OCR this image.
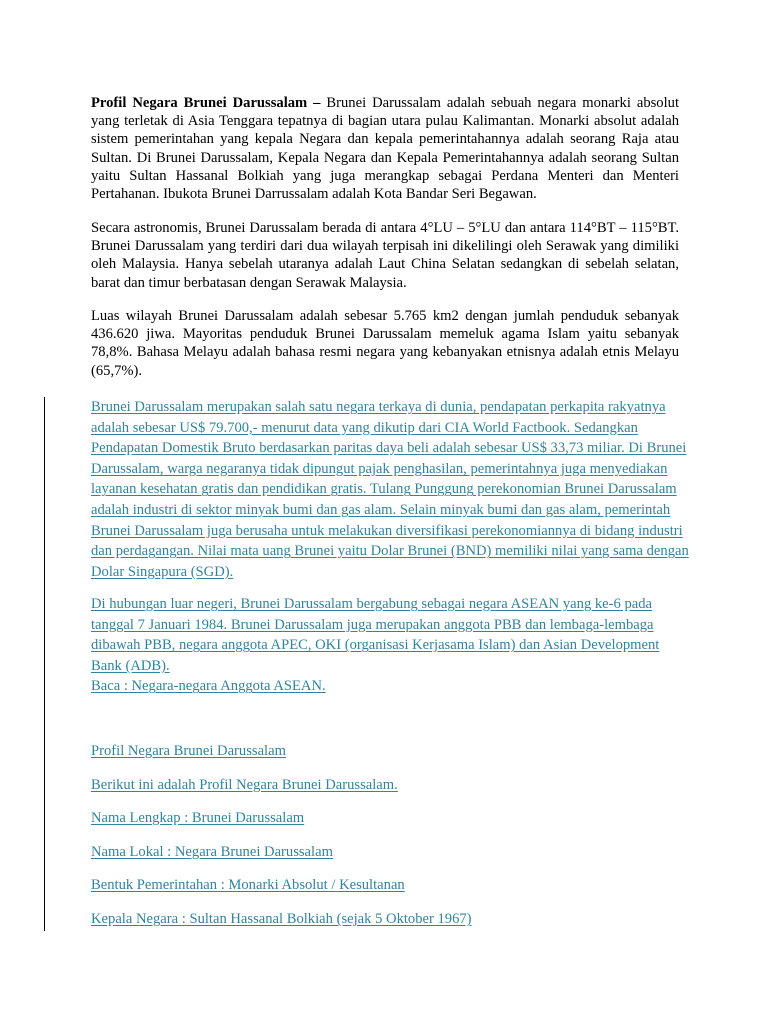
Profil Negara Brunei Darussalam – Brunei Darussalam adalah sebuah negara monarki absolut yang terletak di Asia Tenggara tepatnya di bagian utara pulau Kalimantan. Monarki absolut adalah sistem pemerintahan yang kepala Negara dan kepala pemerintahannya adalah seorang Raja atau Sultan. Di Brunei Darussalam, Kepala Negara dan Kepala Pemerintahannya adalah seorang Sultan yaitu Sultan Hassanal Bolkiah yang juga merangkap sebagai Perdana Menteri dan Menteri Pertahanan. Ibukota Brunei Darrussalam adalah Kota Bandar Seri Begawan.

Secara astronomis, Brunei Darussalam berada di antara 4°LU – 5°LU dan antara 114°BT – 115°BT. Brunei Darussalam yang terdiri dari dua wilayah terpisah ini dikelilingi oleh Serawak yang dimiliki oleh Malaysia. Hanya sebelah utaranya adalah Laut China Selatan sedangkan di sebelah selatan, barat dan timur berbatasan dengan Serawak Malaysia.

Luas wilayah Brunei Darussalam adalah sebesar 5.765 km2 dengan jumlah penduduk sebanyak 436.620 jiwa. Mayoritas penduduk Brunei Darussalam memeluk agama Islam yaitu sebanyak 78,8%. Bahasa Melayu adalah bahasa resmi negara yang kebanyakan etnisnya adalah etnis Melayu (65,7%).

Brunei Darussalam merupakan salah satu negara terkaya di dunia, pendapatan perkapita rakyatnya adalah sebesar US$ 79.700,- menurut data yang dikutip dari CIA World Factbook. Sedangkan Pendapatan Domestik Bruto berdasarkan paritas daya beli adalah sebesar US$ 33,73 miliar. Di Brunei Darussalam, warga negaranya tidak dipungut pajak penghasilan, pemerintahnya juga menyediakan layanan kesehatan gratis dan pendidikan gratis. Tulang Punggung perekonomian Brunei Darussalam adalah industri di sektor minyak bumi dan gas alam. Selain minyak bumi dan gas alam, pemerintah Brunei Darussalam juga berusaha untuk melakukan diversifikasi perekonomiannya di bidang industri dan perdagangan. Nilai mata uang Brunei yaitu Dolar Brunei (BND) memiliki nilai yang sama dengan Dolar Singapura (SGD).

Di hubungan luar negeri, Brunei Darussalam bergabung sebagai negara ASEAN yang ke-6 pada tanggal 7 Januari 1984. Brunei Darussalam juga merupakan anggota PBB dan lembaga-lembaga dibawah PBB, negara anggota APEC, OKI (organisasi Kerjasama Islam) dan Asian Development Bank (ADB).
Baca : Negara-negara Anggota ASEAN.

Profil Negara Brunei Darussalam
Berikut ini adalah Profil Negara Brunei Darussalam.
Nama Lengkap : Brunei Darussalam
Nama Lokal : Negara Brunei Darussalam
Bentuk Pemerintahan : Monarki Absolut / Kesultanan
Kepala Negara : Sultan Hassanal Bolkiah (sejak 5 Oktober 1967)
